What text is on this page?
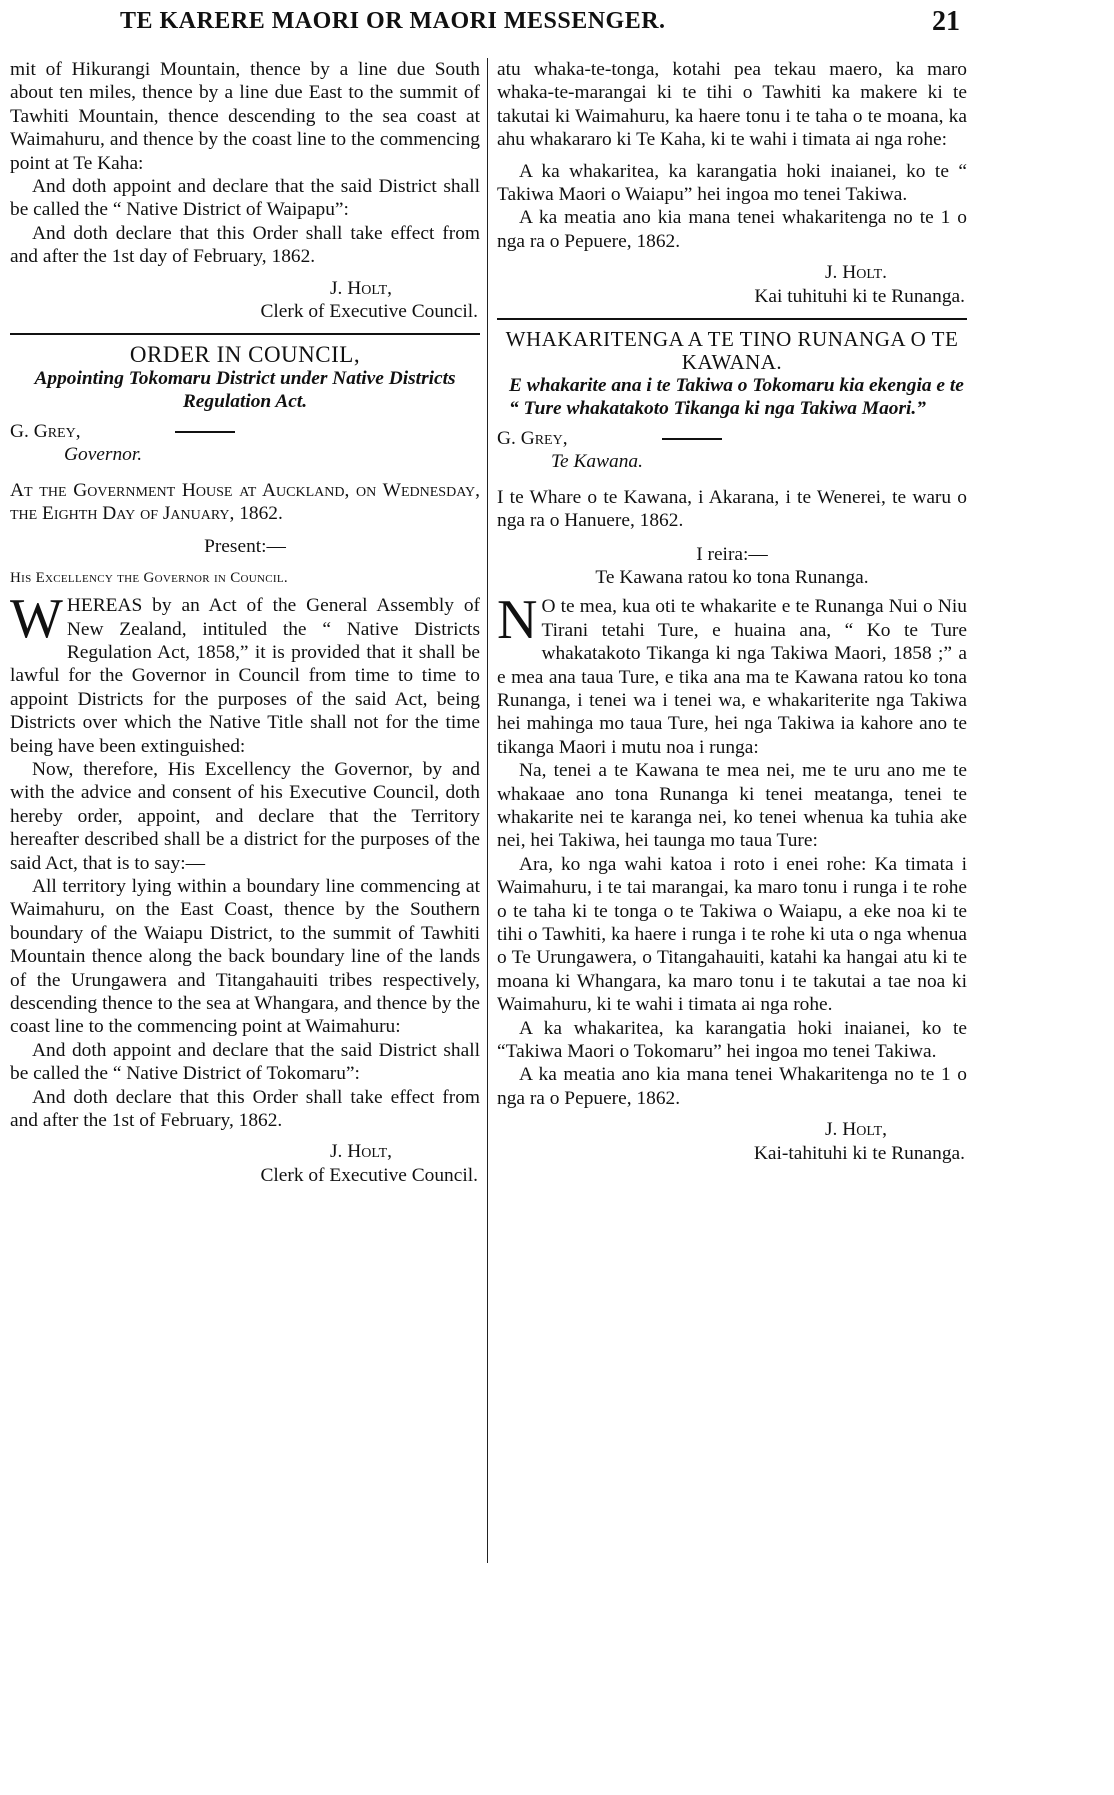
TE KARERE MAORI OR MAORI MESSENGER.	21

mit of Hikurangi Mountain, thence by a line due South about ten miles, thence by a line due East to the summit of Tawhiti Mountain, thence descending to the sea coast at Waimahuru, and thence by the coast line to the commencing point at Te Kaha:

And doth appoint and declare that the said District shall be called the “ Native District of Waipapu”:

And doth declare that this Order shall take effect from and after the 1st day of February, 1862.

J. Holt,
Clerk of Executive Council.
ORDER IN COUNCIL,
Appointing Tokomaru District under Native Districts Regulation Act.
G. Grey,
Governor.

At the Government House at Auckland, on Wednesday, the Eighth Day of January, 1862.

Present:—
His Excellency the Governor in Council.

WHEREAS by an Act of the General Assembly of New Zealand, intituled the “ Native Districts Regulation Act, 1858,” it is provided that it shall be lawful for the Governor in Council from time to time to appoint Districts for the purposes of the said Act, being Districts over which the Native Title shall not for the time being have been extinguished:

Now, therefore, His Excellency the Governor, by and with the advice and consent of his Executive Council, doth hereby order, appoint, and declare that the Territory hereafter described shall be a district for the purposes of the said Act, that is to say:—

All territory lying within a boundary line commencing at Waimahuru, on the East Coast, thence by the Southern boundary of the Waiapu District, to the summit of Tawhiti Mountain thence along the back boundary line of the lands of the Urungawera and Titangahauiti tribes respectively, descending thence to the sea at Whangara, and thence by the coast line to the commencing point at Waimahuru:

And doth appoint and declare that the said District shall be called the “ Native District of Tokomaru”:

And doth declare that this Order shall take effect from and after the 1st of February, 1862.

J. Holt,
Clerk of Executive Council.

atu whaka-te-tonga, kotahi pea tekau maero, ka maro whaka-te-marangai ki te tihi o Tawhiti ka makere ki te takutai ki Waimahuru, ka haere tonu i te taha o te moana, ka ahu whakararo ki Te Kaha, ki te wahi i timata ai nga rohe:

A ka whakaritea, ka karangatia hoki inaianei, ko te “ Takiwa Maori o Waiapu” hei ingoa mo tenei Takiwa.

A ka meatia ano kia mana tenei whakaritenga no te 1 o nga ra o Pepuere, 1862.

J. Holt.
Kai tuhituhi ki te Runanga.
WHAKARITENGA A TE TINO RUNANGA O TE KAWANA.
E whakarite ana i te Takiwa o Tokomaru kia ekengia e te “ Ture whakatakoto Tikanga ki nga Takiwa Maori.”
G. Grey,
Te Kawana.

I te Whare o te Kawana, i Akarana, i te Wenerei, te waru o nga ra o Hanuere, 1862.

I reira:—
Te Kawana ratou ko tona Runanga.

N O te mea, kua oti te whakarite e te Runanga Nui o Niu Tirani tetahi Ture, e huaina ana, “ Ko te Ture whakatakoto Tikanga ki nga Takiwa Maori, 1858 ;” a e mea ana taua Ture, e tika ana ma te Kawana ratou ko tona Runanga, i tenei wa i tenei wa, e whakariterite nga Takiwa hei mahinga mo taua Ture, hei nga Takiwa ia kahore ano te tikanga Maori i mutu noa i runga:

Na, tenei a te Kawana te mea nei, me te uru ano me te whakaae ano tona Runanga ki tenei meatanga, tenei te whakarite nei te karanga nei, ko tenei whenua ka tuhia ake nei, hei Takiwa, hei taunga mo taua Ture:

Ara, ko nga wahi katoa i roto i enei rohe: Ka timata i Waimahuru, i te tai marangai, ka maro tonu i runga i te rohe o te taha ki te tonga o te Takiwa o Waiapu, a eke noa ki te tihi o Tawhiti, ka haere i runga i te rohe ki uta o nga whenua o Te Urungawera, o Titangahauiti, katahi ka hangai atu ki te moana ki Whangara, ka maro tonu i te takutai a tae noa ki Waimahuru, ki te wahi i timata ai nga rohe.

A ka whakaritea, ka karangatia hoki inaianei, ko te “Takiwa Maori o Tokomaru” hei ingoa mo tenei Takiwa.

A ka meatia ano kia mana tenei Whakaritenga no te 1 o nga ra o Pepuere, 1862.

J. Holt,
Kai-tahituhi ki te Runanga.
